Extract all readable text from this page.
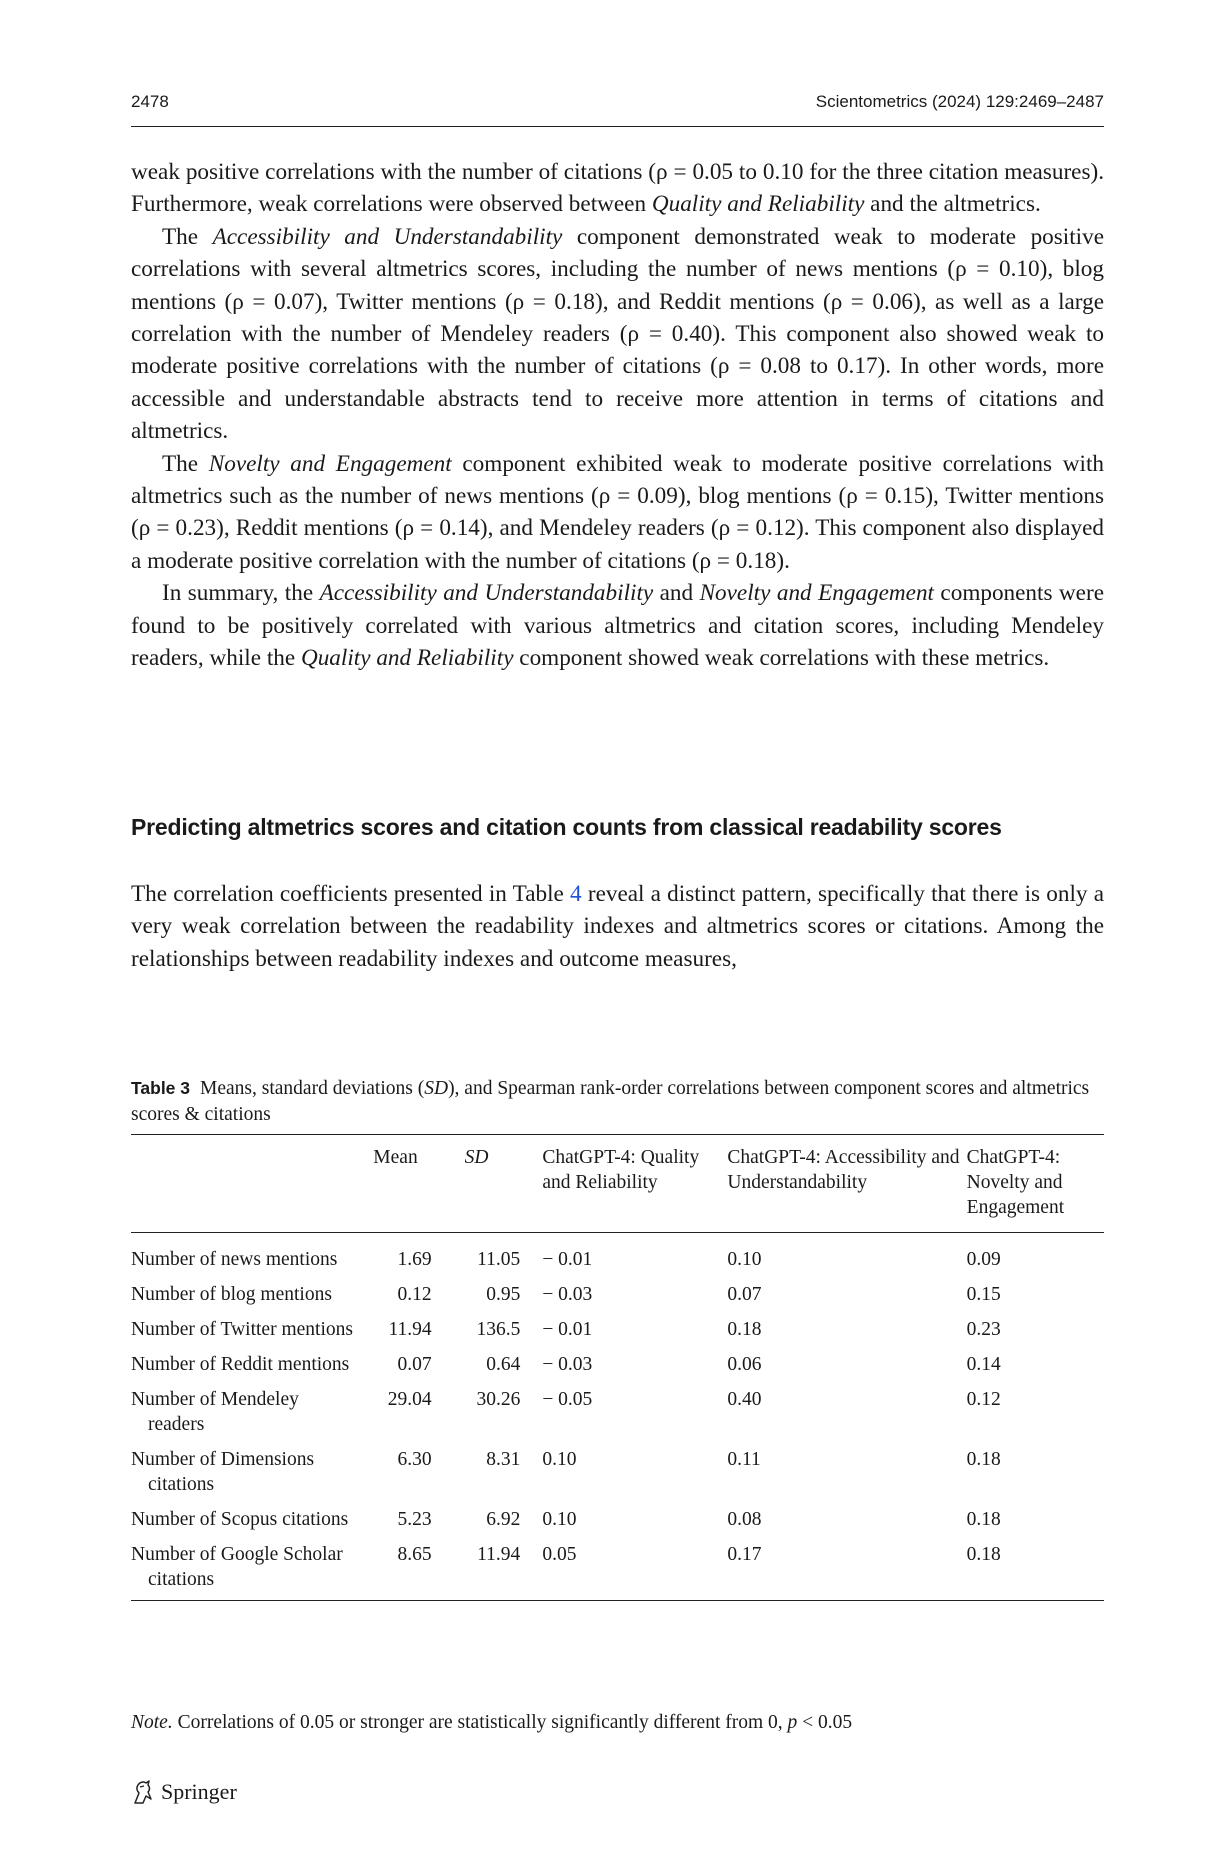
2478	Scientometrics (2024) 129:2469–2487

weak positive correlations with the number of citations (ρ = 0.05 to 0.10 for the three citation measures). Furthermore, weak correlations were observed between Quality and Reliability and the altmetrics.

The Accessibility and Understandability component demonstrated weak to moderate positive correlations with several altmetrics scores, including the number of news mentions (ρ = 0.10), blog mentions (ρ = 0.07), Twitter mentions (ρ = 0.18), and Reddit mentions (ρ = 0.06), as well as a large correlation with the number of Mendeley readers (ρ = 0.40). This component also showed weak to moderate positive correlations with the number of citations (ρ = 0.08 to 0.17). In other words, more accessible and understandable abstracts tend to receive more attention in terms of citations and altmetrics.

The Novelty and Engagement component exhibited weak to moderate positive correlations with altmetrics such as the number of news mentions (ρ = 0.09), blog mentions (ρ = 0.15), Twitter mentions (ρ = 0.23), Reddit mentions (ρ = 0.14), and Mendeley readers (ρ = 0.12). This component also displayed a moderate positive correlation with the number of citations (ρ = 0.18).

In summary, the Accessibility and Understandability and Novelty and Engagement components were found to be positively correlated with various altmetrics and citation scores, including Mendeley readers, while the Quality and Reliability component showed weak correlations with these metrics.

Predicting altmetrics scores and citation counts from classical readability scores

The correlation coefficients presented in Table 4 reveal a distinct pattern, specifically that there is only a very weak correlation between the readability indexes and altmetrics scores or citations. Among the relationships between readability indexes and outcome measures,

Table 3 Means, standard deviations (SD), and Spearman rank-order correlations between component scores and altmetrics scores & citations
	Mean	SD	ChatGPT-4: Quality and Reliability	ChatGPT-4: Accessibility and Understandability	ChatGPT-4: Novelty and Engagement

Number of news mentions	1.69	11.05	− 0.01	0.10	0.09

Number of blog mentions	0.12	0.95	− 0.03	0.07	0.15

Number of Twitter mentions	11.94	136.5	− 0.01	0.18	0.23

Number of Reddit mentions	0.07	0.64	− 0.03	0.06	0.14

Number of Mendeley readers	29.04	30.26	− 0.05	0.40	0.12

Number of Dimensions citations	6.30	8.31	0.10	0.11	0.18

Number of Scopus citations	5.23	6.92	0.10	0.08	0.18

Number of Google Scholar citations	8.65	11.94	0.05	0.17	0.18
Note. Correlations of 0.05 or stronger are statistically significantly different from 0, p < 0.05
Springer
